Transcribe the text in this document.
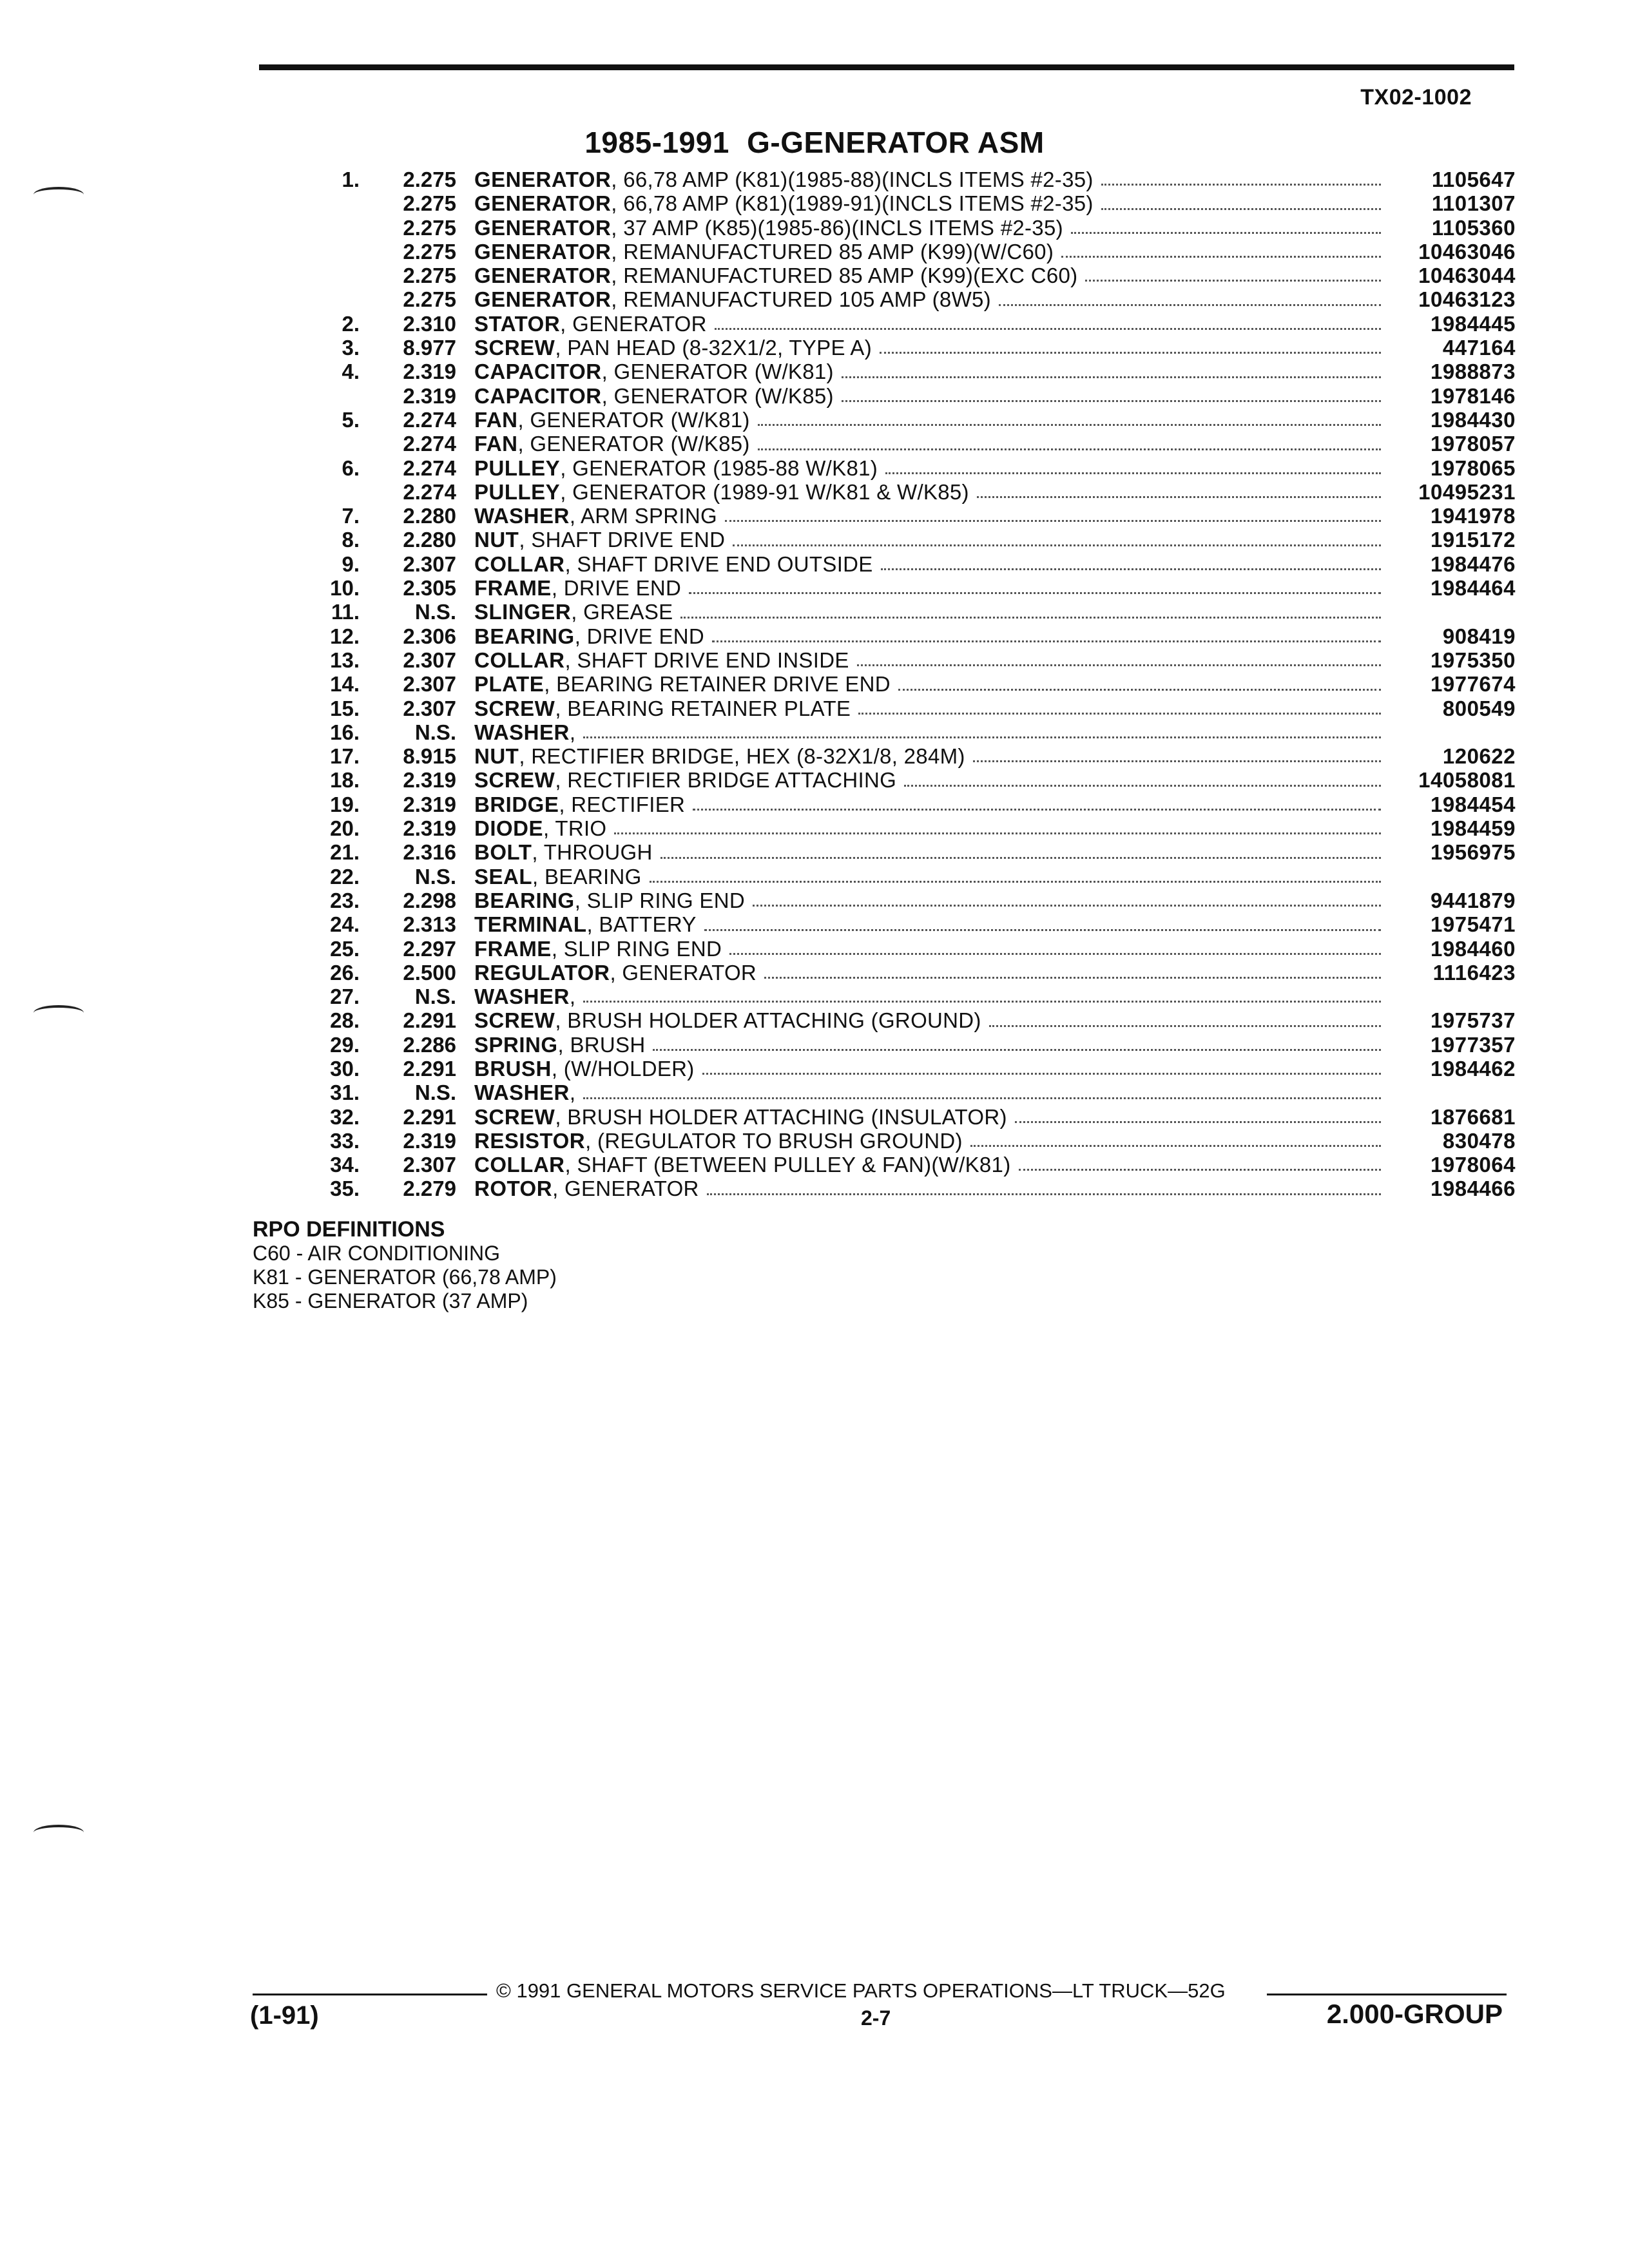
TX02-1002
1985-1991 G-GENERATOR ASM
1.	2.275 GENERATOR , 66,78 AMP (K81)(1985-88)(INCLS ITEMS #2-35)	1105647
2.275 GENERATOR , 66,78 AMP (K81)(1989-91)(INCLS ITEMS #2-35)	1101307
2.275 GENERATOR , 37 AMP (K85)(1985-86)(INCLS ITEMS #2-35)	1105360
2.275 GENERATOR , REMANUFACTURED 85 AMP (K99)(W/C60)	10463046
2.275 GENERATOR , REMANUFACTURED 85 AMP (K99)(EXC C60)	10463044
2.275 GENERATOR , REMANUFACTURED 105 AMP (8W5)	10463123
2.	2.310 STATOR , GENERATOR	1984445
3.	8.977 SCREW , PAN HEAD (8-32X1/2, TYPE A)	447164
4.	2.319 CAPACITOR , GENERATOR (W/K81)	1988873
2.319 CAPACITOR , GENERATOR (W/K85)	1978146
5.	2.274 FAN , GENERATOR (W/K81)	1984430
2.274 FAN , GENERATOR (W/K85)	1978057
6.	2.274 PULLEY , GENERATOR (1985-88 W/K81)	1978065
2.274 PULLEY , GENERATOR (1989-91 W/K81 & W/K85)	10495231
7.	2.280 WASHER , ARM SPRING	1941978
8.	2.280 NUT , SHAFT DRIVE END	1915172
9.	2.307 COLLAR , SHAFT DRIVE END OUTSIDE	1984476
10.	2.305 FRAME , DRIVE END	1984464
11.	N.S. SLINGER , GREASE
12.	2.306 BEARING , DRIVE END	908419
13.	2.307 COLLAR , SHAFT DRIVE END INSIDE	1975350
14.	2.307 PLATE , BEARING RETAINER DRIVE END	1977674
15.	2.307 SCREW , BEARING RETAINER PLATE	800549
16.	N.S. WASHER ,
17.	8.915 NUT , RECTIFIER BRIDGE, HEX (8-32X1/8, 284M)	120622
18.	2.319 SCREW , RECTIFIER BRIDGE ATTACHING	14058081
19.	2.319 BRIDGE , RECTIFIER	1984454
20.	2.319 DIODE , TRIO	1984459
21.	2.316 BOLT , THROUGH	1956975
22.	N.S. SEAL , BEARING
23.	2.298 BEARING , SLIP RING END	9441879
24.	2.313 TERMINAL , BATTERY	1975471
25.	2.297 FRAME , SLIP RING END	1984460
26.	2.500 REGULATOR , GENERATOR	1116423
27.	N.S. WASHER ,
28.	2.291 SCREW , BRUSH HOLDER ATTACHING (GROUND)	1975737
29.	2.286 SPRING , BRUSH	1977357
30.	2.291 BRUSH , (W/HOLDER)	1984462
31.	N.S. WASHER ,
32.	2.291 SCREW , BRUSH HOLDER ATTACHING (INSULATOR)	1876681
33.	2.319 RESISTOR , (REGULATOR TO BRUSH GROUND)	830478
34.	2.307 COLLAR , SHAFT (BETWEEN PULLEY & FAN)(W/K81)	1978064
35.	2.279 ROTOR , GENERATOR	1984466
RPO DEFINITIONS
C60 - AIR CONDITIONING
K81 - GENERATOR (66,78 AMP)
K85 - GENERATOR (37 AMP)
© 1991 GENERAL MOTORS SERVICE PARTS OPERATIONS—LT TRUCK—52G
(1-91)	2-7	2.000-GROUP
